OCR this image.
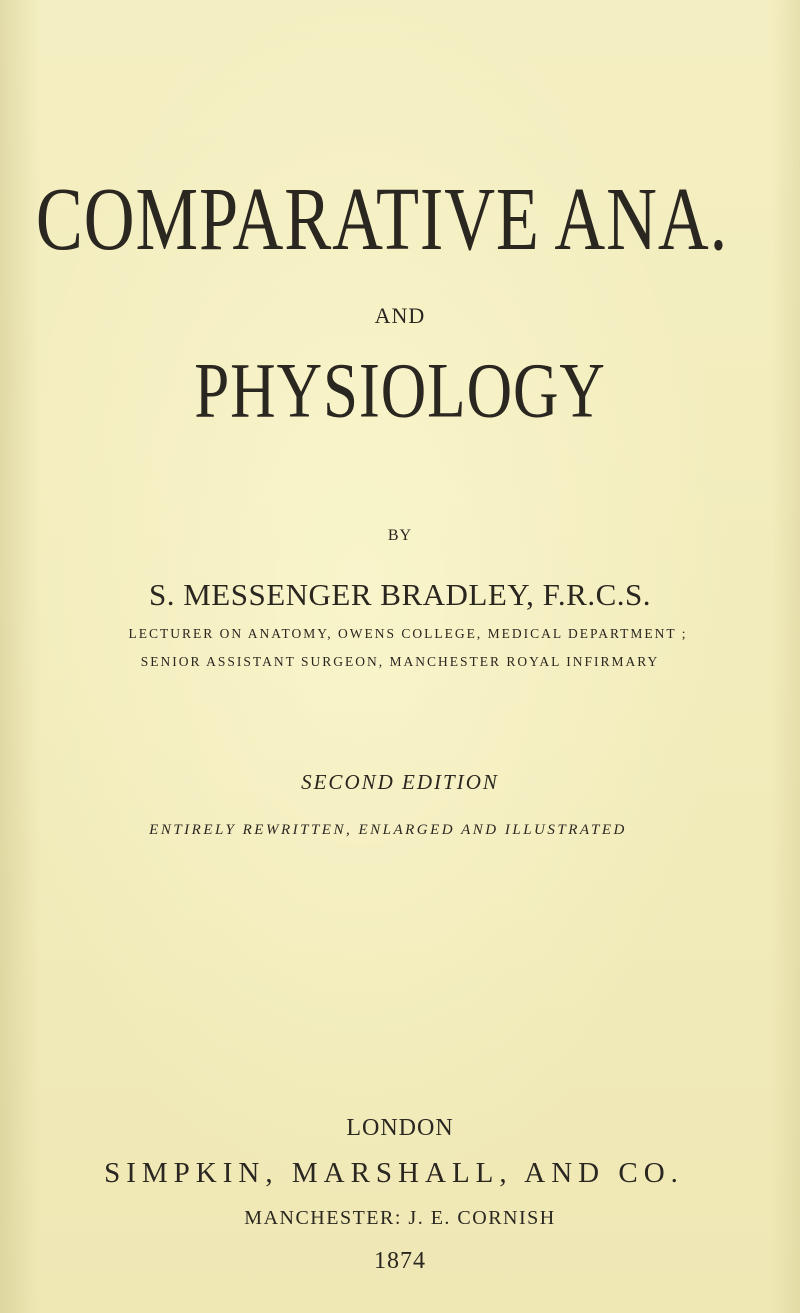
COMPARATIVE ANA.
AND
PHYSIOLOGY
BY
S. MESSENGER BRADLEY, F.R.C.S.
LECTURER ON ANATOMY, OWENS COLLEGE, MEDICAL DEPARTMENT ;
SENIOR ASSISTANT SURGEON, MANCHESTER ROYAL INFIRMARY
SECOND EDITION
ENTIRELY REWRITTEN, ENLARGED AND ILLUSTRATED
LONDON
SIMPKIN, MARSHALL, AND CO.
MANCHESTER: J. E. CORNISH
1874
